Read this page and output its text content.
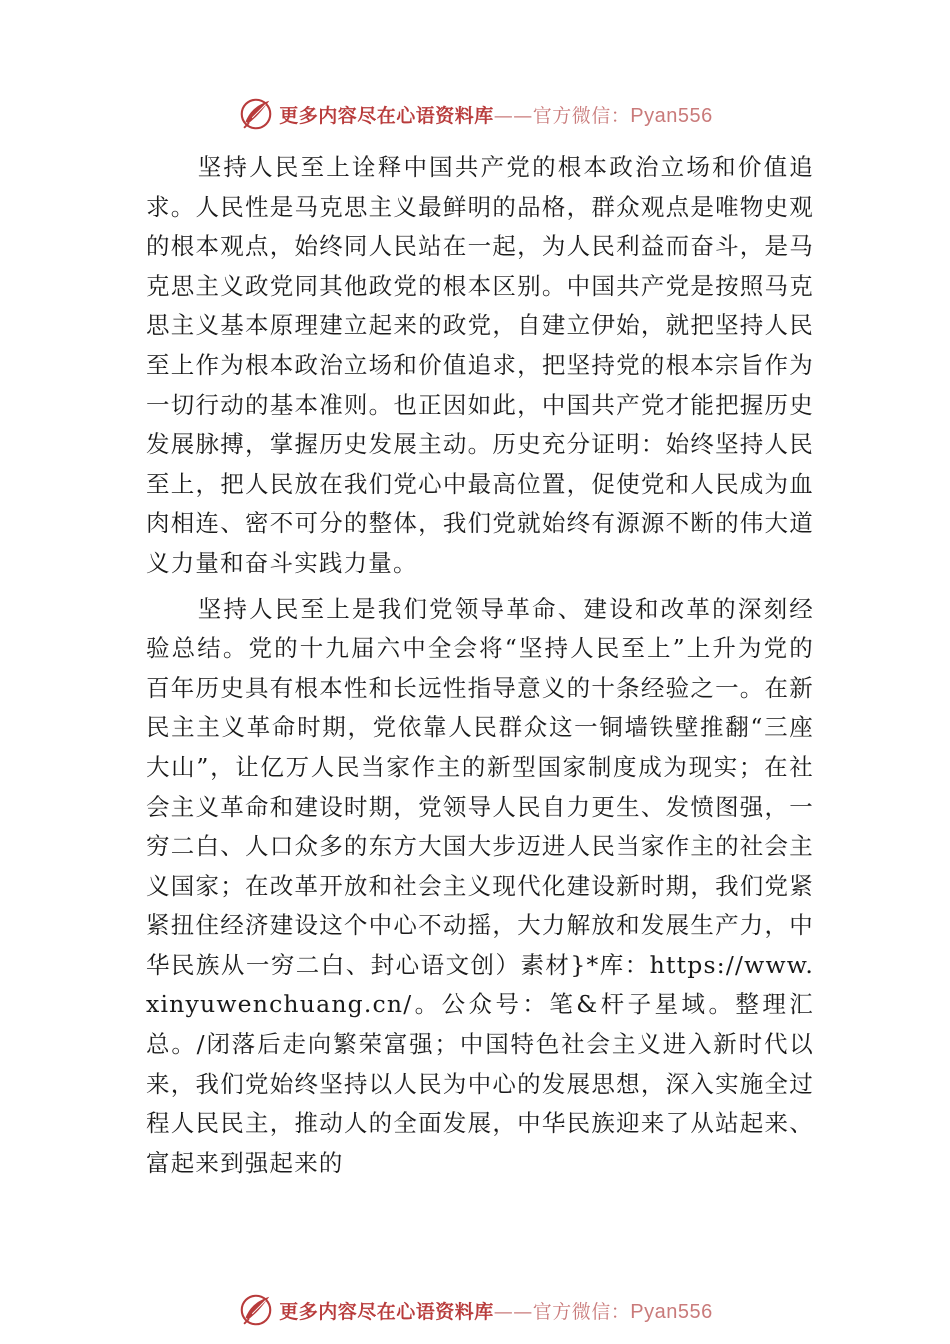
更多内容尽在心语资料库——官方微信：Pyan556

坚持人民至上诠释中国共产党的根本政治立场和价值追求。人民性是马克思主义最鲜明的品格，群众观点是唯物史观的根本观点，始终同人民站在一起，为人民利益而奋斗，是马克思主义政党同其他政党的根本区别。中国共产党是按照马克思主义基本原理建立起来的政党，自建立伊始，就把坚持人民至上作为根本政治立场和价值追求，把坚持党的根本宗旨作为一切行动的基本准则。也正因如此，中国共产党才能把握历史发展脉搏，掌握历史发展主动。历史充分证明：始终坚持人民至上，把人民放在我们党心中最高位置，促使党和人民成为血肉相连、密不可分的整体，我们党就始终有源源不断的伟大道义力量和奋斗实践力量。

坚持人民至上是我们党领导革命、建设和改革的深刻经验总结。党的十九届六中全会将“坚持人民至上”上升为党的百年历史具有根本性和长远性指导意义的十条经验之一。在新民主主义革命时期，党依靠人民群众这一铜墙铁壁推翻“三座大山”，让亿万人民当家作主的新型国家制度成为现实；在社会主义革命和建设时期，党领导人民自力更生、发愤图强，一穷二白、人口众多的东方大国大步迈进人民当家作主的社会主义国家；在改革开放和社会主义现代化建设新时期，我们党紧紧扭住经济建设这个中心不动摇，大力解放和发展生产力，中华民族从一穷二白、封心语文创）素材}*库：https://www.xinyuwenchuang.cn/。公众号：笔&杆子星域。整理汇总。/闭落后走向繁荣富强；中国特色社会主义进入新时代以来，我们党始终坚持以人民为中心的发展思想，深入实施全过程人民民主，推动人的全面发展，中华民族迎来了从站起来、富起来到强起来的

更多内容尽在心语资料库——官方微信：Pyan556
